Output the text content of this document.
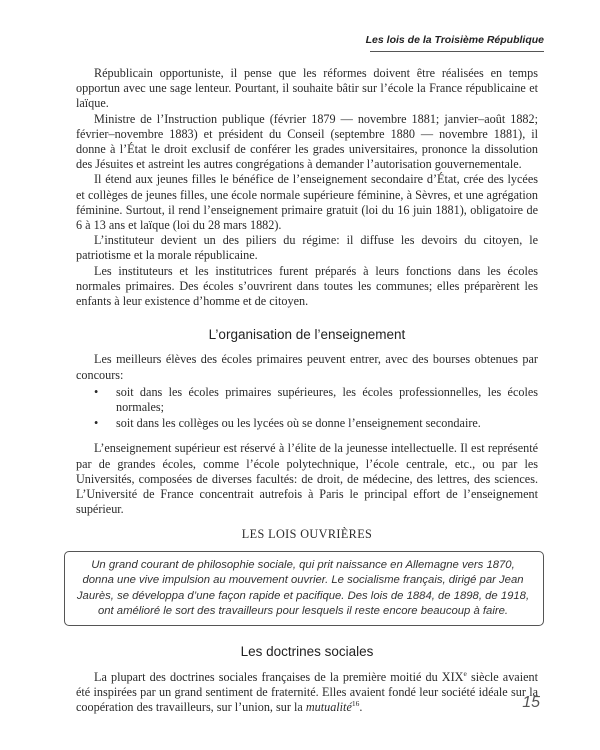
Les lois de la Troisième République

Républicain opportuniste, il pense que les réformes doivent être réalisées en temps opportun avec une sage lenteur. Pourtant, il souhaite bâtir sur l’école la France républicaine et laïque.

Ministre de l’Instruction publique (février 1879 — novembre 1881; janvier–août 1882; février–novembre 1883) et président du Conseil (septembre 1880 — novembre 1881), il donne à l’État le droit exclusif de conférer les grades universitaires, prononce la dissolution des Jésuites et astreint les autres congrégations à demander l’autorisation gouvernementale.

Il étend aux jeunes filles le bénéfice de l’enseignement secondaire d’État, crée des lycées et collèges de jeunes filles, une école normale supérieure féminine, à Sèvres, et une agrégation féminine. Surtout, il rend l’enseignement primaire gratuit (loi du 16 juin 1881), obligatoire de 6 à 13 ans et laïque (loi du 28 mars 1882).

L’instituteur devient un des piliers du régime: il diffuse les devoirs du citoyen, le patriotisme et la morale républicaine.

Les instituteurs et les institutrices furent préparés à leurs fonctions dans les écoles normales primaires. Des écoles s’ouvrirent dans toutes les communes; elles préparèrent les enfants à leur existence d’homme et de citoyen.

L’organisation de l’enseignement

Les meilleurs élèves des écoles primaires peuvent entrer, avec des bourses obtenues par concours:

• soit dans les écoles primaires supérieures, les écoles professionnelles, les écoles normales;
• soit dans les collèges ou les lycées où se donne l’enseignement secondaire.

L’enseignement supérieur est réservé à l’élite de la jeunesse intellectuelle. Il est représenté par de grandes écoles, comme l’école polytechnique, l’école centrale, etc., ou par les Universités, composées de diverses facultés: de droit, de médecine, des lettres, des sciences. L’Université de France concentrait autrefois à Paris le principal effort de l’enseignement supérieur.

LES LOIS OUVRIÈRES
Un grand courant de philosophie sociale, qui prit naissance en Allemagne vers 1870, donna une vive impulsion au mouvement ouvrier. Le socialisme français, dirigé par Jean Jaurès, se développa d’une façon rapide et pacifique. Des lois de 1884, de 1898, de 1918, ont amélioré le sort des travailleurs pour lesquels il reste encore beaucoup à faire.
Les doctrines sociales

La plupart des doctrines sociales françaises de la première moitié du XIXe siècle avaient été inspirées par un grand sentiment de fraternité. Elles avaient fondé leur société idéale sur la coopération des travailleurs, sur l’union, sur la mutualité$^{16}$.	15
